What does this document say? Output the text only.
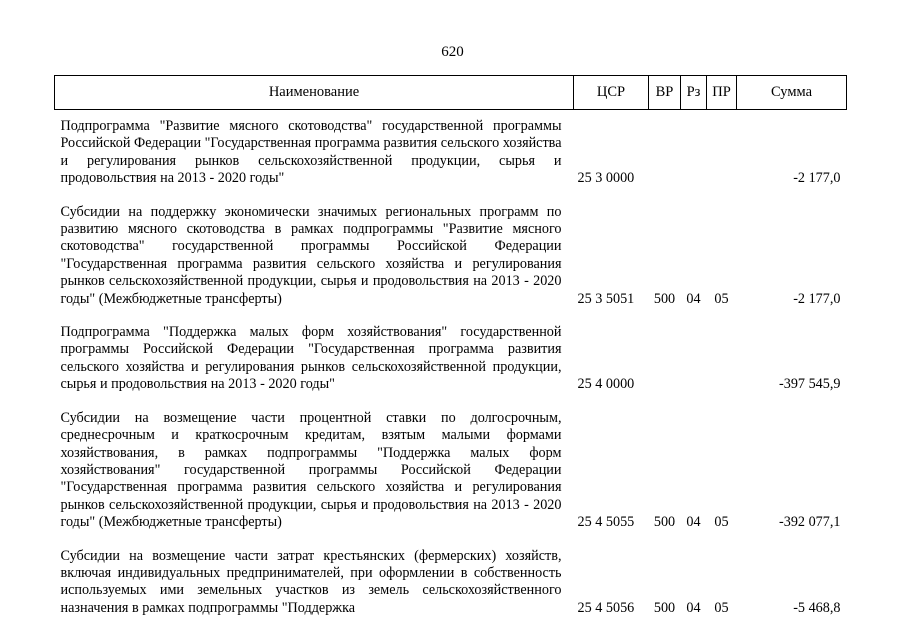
620
Наименование	ЦСР	ВР	Рз	ПР	Сумма
Подпрограмма "Развитие мясного скотоводства" государственной программы Российской Федерации "Государственная программа развития сельского хозяйства и регулирования рынков сельскохозяйственной продукции, сырья и продовольствия на 2013 - 2020 годы"	25 3 0000				-2 177,0
Субсидии на поддержку экономически значимых региональных программ по развитию мясного скотоводства в рамках подпрограммы "Развитие мясного скотоводства" государственной программы Российской Федерации "Государственная программа развития сельского хозяйства и регулирования рынков сельскохозяйственной продукции, сырья и продовольствия на 2013 - 2020 годы" (Межбюджетные трансферты)	25 3 5051	500	04	05	-2 177,0
Подпрограмма "Поддержка малых форм хозяйствования" государственной программы Российской Федерации "Государственная программа развития сельского хозяйства и регулирования рынков сельскохозяйственной продукции, сырья и продовольствия на 2013 - 2020 годы"	25 4 0000				-397 545,9
Субсидии на возмещение части процентной ставки по долгосрочным, среднесрочным и краткосрочным кредитам, взятым малыми формами хозяйствования, в рамках подпрограммы "Поддержка малых форм хозяйствования" государственной программы Российской Федерации "Государственная программа развития сельского хозяйства и регулирования рынков сельскохозяйственной продукции, сырья и продовольствия на 2013 - 2020 годы" (Межбюджетные трансферты)	25 4 5055	500	04	05	-392 077,1
Субсидии на возмещение части затрат крестьянских (фермерских) хозяйств, включая индивидуальных предпринимателей, при оформлении в собственность используемых ими земельных участков из земель сельскохозяйственного назначения в рамках подпрограммы "Поддержка	25 4 5056	500	04	05	-5 468,8
